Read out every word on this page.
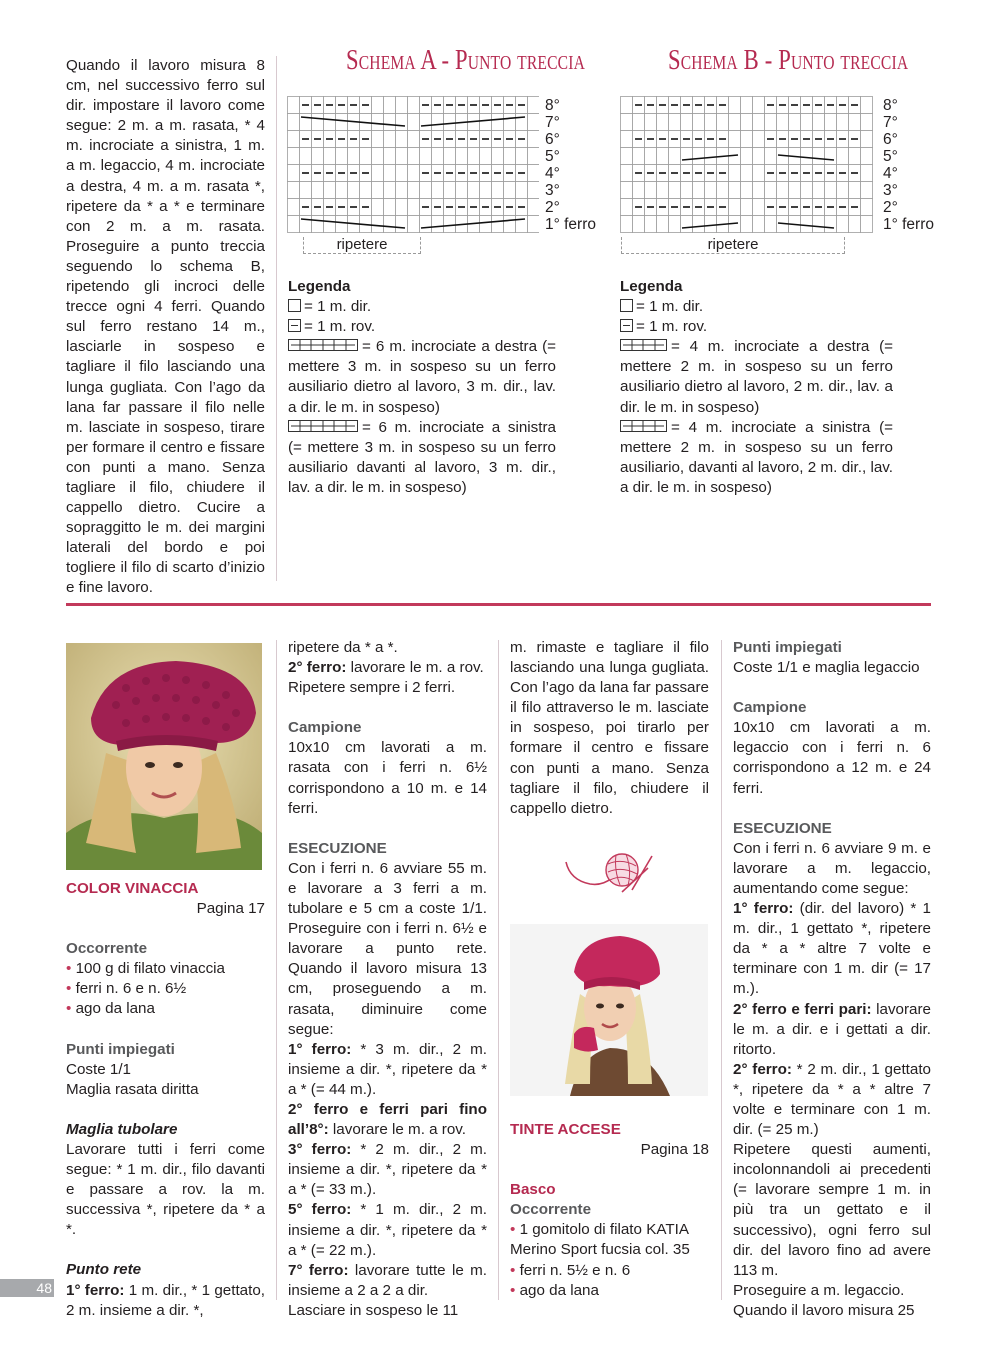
Quando il lavoro misura 8 cm, nel successivo ferro sul dir. impostare il lavoro come segue: 2 m. a m. rasata, * 4 m. incrociate a sinistra, 1 m. a m. legaccio, 4 m. incrociate a destra, 4 m. a m. rasata *, ripetere da * a * e terminare con 2 m. a m. rasata. Proseguire a punto treccia seguendo lo schema B, ripetendo gli incroci delle trecce ogni 4 ferri. Quando sul ferro restano 14 m., lasciarle in sospeso e tagliare il filo lasciando una lunga gugliata. Con l’ago da lana far passare il filo nelle m. lasciate in sospeso, tirare per formare il centro e fissare con punti a mano. Senza tagliare il filo, chiudere il cappello dietro. Cucire a sopraggitto le m. dei margini laterali del bordo e poi togliere il filo di scarto d’inizio e fine lavoro.

Schema A - Punto treccia
8°
7°
6°
5°
4°
3°
2°
1° ferro
ripetere

Legenda

= 1 m. dir.

= 1 m. rov.

= 6 m. incrociate a destra (= mettere 3 m. in sospeso su un ferro ausiliario dietro al lavoro, 3 m. dir., lav. a dir. le m. in sospeso)

= 6 m. incrociate a sinistra (= mettere 3 m. in sospeso su un ferro ausiliario davanti al lavoro, 3 m. dir., lav. a dir. le m. in sospeso)

Schema B - Punto treccia
8°
7°
6°
5°
4°
3°
2°
1° ferro
ripetere

Legenda

= 1 m. dir.

= 1 m. rov.

= 4 m. incrociate a destra (= mettere 2 m. in sospeso su un ferro ausiliario dietro al lavoro, 2 m. dir., lav. a dir. le m. in sospeso)

= 4 m. incrociate a sinistra (= mettere 2 m. in sospeso su un ferro ausiliario, davanti al lavoro, 2 m. dir., lav. a dir. le m. in sospeso)

COLOR VINACCIA

Pagina 17

Occorrente

• 100 g di filato vinaccia

• ferri n. 6 e n. 6½

• ago da lana

Punti impiegati

Coste 1/1

Maglia rasata diritta

Maglia tubolare

Lavorare tutti i ferri come segue: * 1 m. dir., filo davanti e passare a rov. la m. successiva *, ripetere da * a *.

Punto rete

1° ferro: 1 m. dir., * 1 gettato, 2 m. insieme a dir. *,

ripetere da * a *.

2° ferro: lavorare le m. a rov.

Ripetere sempre i 2 ferri.

Campione

10x10 cm lavorati a m. rasata con i ferri n. 6½ corrispondono a 10 m. e 14 ferri.

ESECUZIONE

Con i ferri n. 6 avviare 55 m. e lavorare a 3 ferri a m. tubolare e 5 cm a coste 1/1. Proseguire con i ferri n. 6½ e lavorare a punto rete. Quando il lavoro misura 13 cm, proseguendo a m. rasata, diminuire come segue:

1° ferro: * 3 m. dir., 2 m. insieme a dir. *, ripetere da * a * (= 44 m.).

2° ferro e ferri pari fino all’8°: lavorare le m. a rov.

3° ferro: * 2 m. dir., 2 m. insieme a dir. *, ripetere da * a * (= 33 m.).

5° ferro: * 1 m. dir., 2 m. insieme a dir. *, ripetere da * a * (= 22 m.).

7° ferro: lavorare tutte le m. insieme a 2 a 2 a dir.

Lasciare in sospeso le 11

m. rimaste e tagliare il filo lasciando una lunga gugliata. Con l’ago da lana far passare il filo attraverso le m. lasciate in sospeso, poi tirarlo per formare il centro e fissare con punti a mano. Senza tagliare il filo, chiudere il cappello dietro.

TINTE ACCESE

Pagina 18

Basco

Occorrente

• 1 gomitolo di filato KATIA Merino Sport fucsia col. 35

• ferri n. 5½ e n. 6

• ago da lana

Punti impiegati

Coste 1/1 e maglia legaccio

Campione

10x10 cm lavorati a m. legaccio con i ferri n. 6 corrispondono a 12 m. e 24 ferri.

ESECUZIONE

Con i ferri n. 6 avviare 9 m. e lavorare a m. legaccio, aumentando come segue:

1° ferro: (dir. del lavoro) * 1 m. dir., 1 gettato *, ripetere da * a * altre 7 volte e terminare con 1 m. dir (= 17 m.).

2° ferro e ferri pari: lavorare le m. a dir. e i gettati a dir. ritorto.

2° ferro: * 2 m. dir., 1 gettato *, ripetere da * a * altre 7 volte e terminare con 1 m. dir. (= 25 m.)

Ripetere questi aumenti, incolonnandoli ai precedenti (= lavorare sempre 1 m. in più tra un gettato e il successivo), ogni ferro sul dir. del lavoro fino ad avere 113 m.

Proseguire a m. legaccio.

Quando il lavoro misura 25

48
